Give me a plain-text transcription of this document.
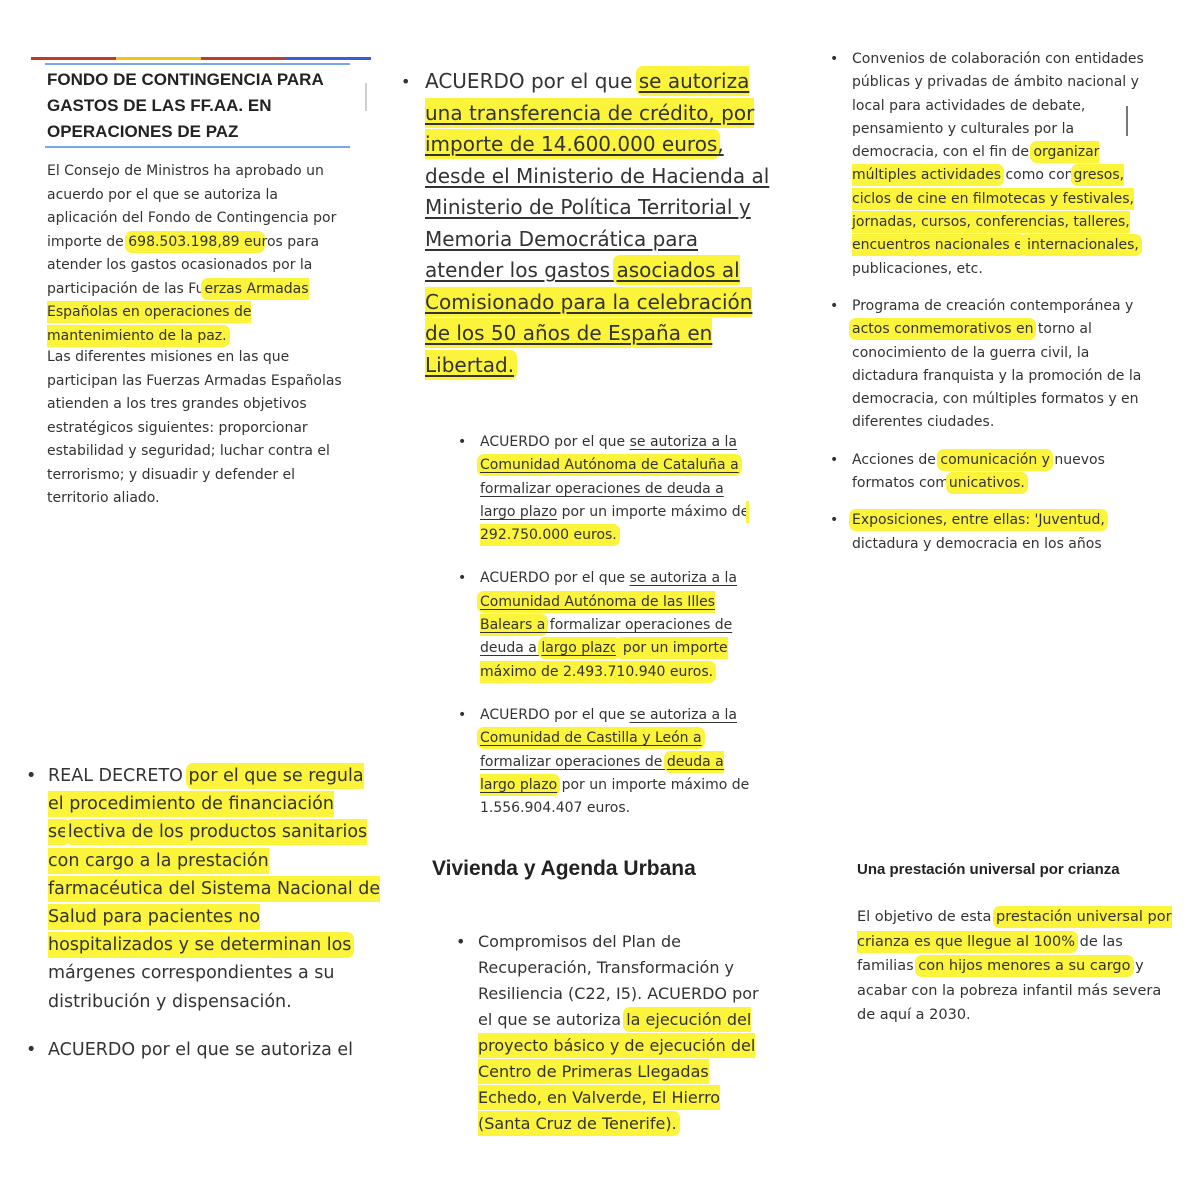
FONDO DE CONTINGENCIA PARA GASTOS DE LAS FF.AA. EN OPERACIONES DE PAZ

El Consejo de Ministros ha aprobado un acuerdo por el que se autoriza la aplicación del Fondo de Contingencia por importe de 698.503.198,89 euros para atender los gastos ocasionados por la participación de las Fuerzas Armadas Españolas en operaciones de mantenimiento de la paz.

Las diferentes misiones en las que participan las Fuerzas Armadas Españolas atienden a los tres grandes objetivos estratégicos siguientes: proporcionar estabilidad y seguridad; luchar contra el terrorismo; y disuadir y defender el territorio aliado.

• ACUERDO por el que se autoriza una transferencia de crédito, por importe de 14.600.000 euros, desde el Ministerio de Hacienda al Ministerio de Política Territorial y Memoria Democrática para atender los gastos asociados al Comisionado para la celebración de los 50 años de España en Libertad.
• ACUERDO por el que se autoriza a la Comunidad Autónoma de Cataluña a formalizar operaciones de deuda a largo plazo por un importe máximo de 292.750.000 euros.
• ACUERDO por el que se autoriza a la Comunidad Autónoma de las Illes Balears a formalizar operaciones de deuda a largo plazo por un importe máximo de 2.493.710.940 euros.
• ACUERDO por el que se autoriza a la Comunidad de Castilla y León a formalizar operaciones de deuda a largo plazo por un importe máximo de 1.556.904.407 euros.
• Convenios de colaboración con entidades públicas y privadas de ámbito nacional y local para actividades de debate, pensamiento y culturales por la democracia, con el fin de organizar múltiples actividades como congresos, ciclos de cine en filmotecas y festivales, jornadas, cursos, conferencias, talleres, encuentros nacionales e internacionales, publicaciones, etc.
• Programa de creación contemporánea y actos conmemorativos en torno al conocimiento de la guerra civil, la dictadura franquista y la promoción de la democracia, con múltiples formatos y en diferentes ciudades.
• Acciones de comunicación y nuevos formatos comunicativos.
• Exposiciones, entre ellas: 'Juventud, dictadura y democracia en los años
• REAL DECRETO por el que se regula el procedimiento de financiación selectiva de los productos sanitarios con cargo a la prestación farmacéutica del Sistema Nacional de Salud para pacientes no hospitalizados y se determinan los márgenes correspondientes a su distribución y dispensación.
• ACUERDO por el que se autoriza el
Vivienda y Agenda Urbana
• Compromisos del Plan de Recuperación, Transformación y Resiliencia (C22, I5). ACUERDO por el que se autoriza la ejecución del proyecto básico y de ejecución del Centro de Primeras Llegadas Echedo, en Valverde, El Hierro (Santa Cruz de Tenerife).
Una prestación universal por crianza

El objetivo de esta prestación universal por crianza es que llegue al 100% de las familias con hijos menores a su cargo y acabar con la pobreza infantil más severa de aquí a 2030.
